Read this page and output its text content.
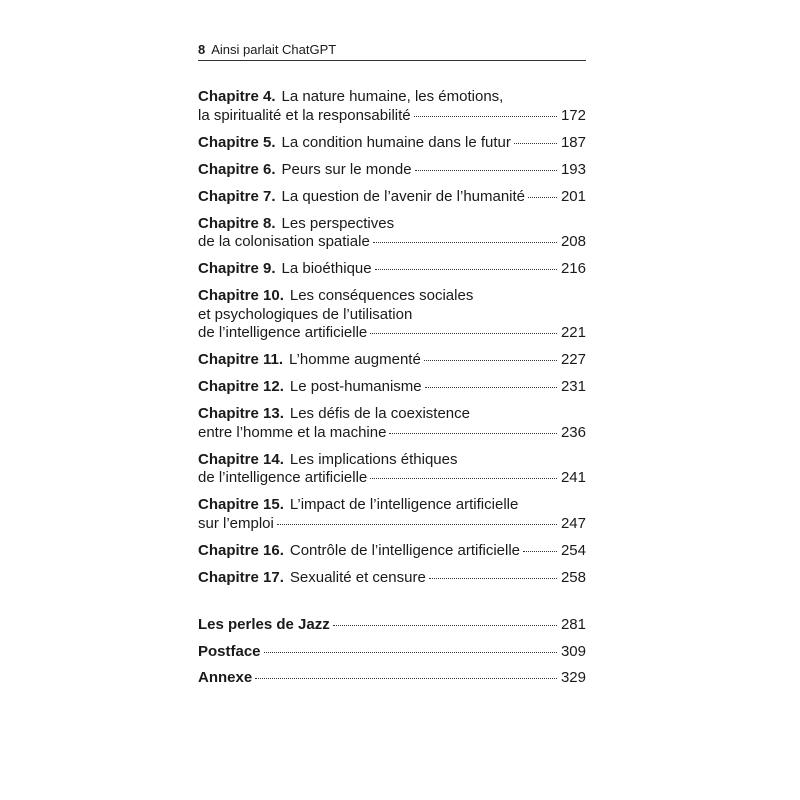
8 Ainsi parlait ChatGPT
Chapitre 4. La nature humaine, les émotions,
la spiritualité et la responsabilité	172
Chapitre 5. La condition humaine dans le futur	187
Chapitre 6. Peurs sur le monde	193
Chapitre 7. La question de l’avenir de l’humanité 201
Chapitre 8. Les perspectives
de la colonisation spatiale	208
Chapitre 9. La bioéthique	216
Chapitre 10. Les conséquences sociales
et psychologiques de l’utilisation
de l’intelligence artificielle	221
Chapitre 11. L’homme augmenté	227
Chapitre 12. Le post-humanisme	231
Chapitre 13. Les défis de la coexistence
entre l’homme et la machine	236
Chapitre 14. Les implications éthiques
de l’intelligence artificielle	241
Chapitre 15. L’impact de l’intelligence artificielle
sur l’emploi	247
Chapitre 16. Contrôle de l’intelligence artificielle	254
Chapitre 17. Sexualité et censure	258
Les perles de Jazz	281
Postface	309
Annexe	329
